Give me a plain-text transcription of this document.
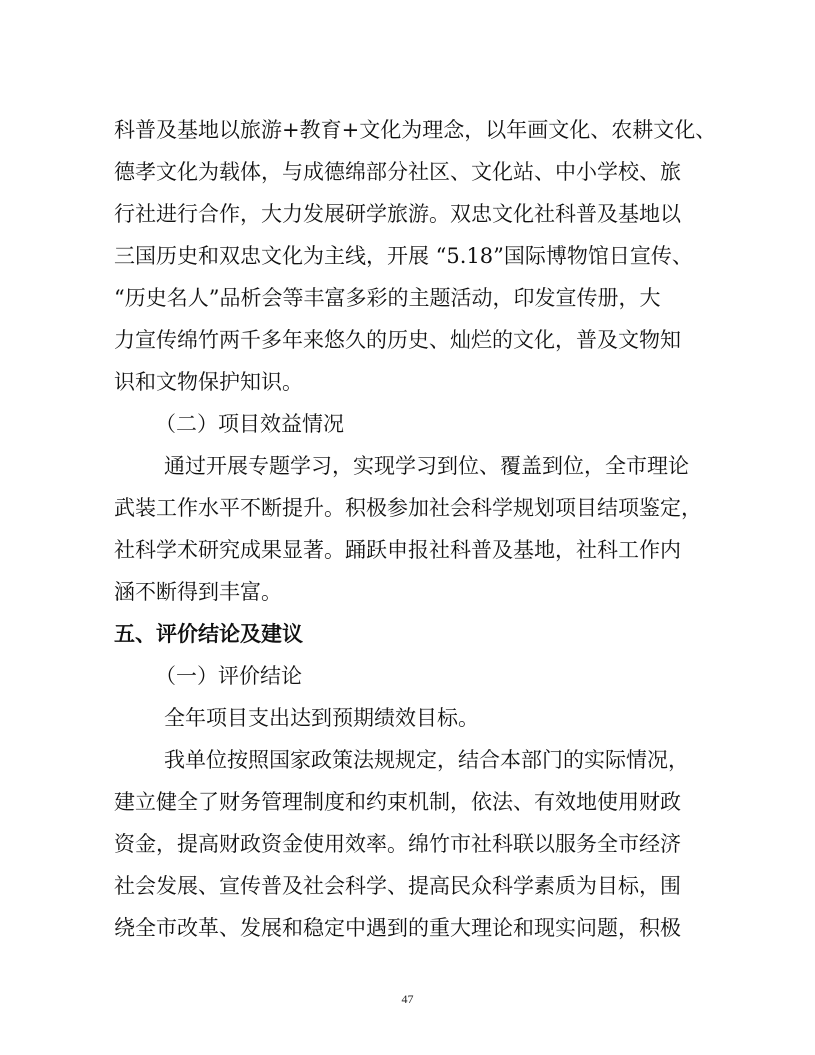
科普及基地以旅游+教育+文化为理念，以年画文化、农耕文化、
德孝文化为载体，与成德绵部分社区、文化站、中小学校、旅
行社进行合作，大力发展研学旅游。双忠文化社科普及基地以
三国历史和双忠文化为主线，开展 “5.18”国际博物馆日宣传、
“历史名人”品析会等丰富多彩的主题活动，印发宣传册，大
力宣传绵竹两千多年来悠久的历史、灿烂的文化，普及文物知
识和文物保护知识。
（二）项目效益情况
通过开展专题学习，实现学习到位、覆盖到位，全市理论
武装工作水平不断提升。积极参加社会科学规划项目结项鉴定，
社科学术研究成果显著。踊跃申报社科普及基地，社科工作内
涵不断得到丰富。
五、评价结论及建议
（一）评价结论
全年项目支出达到预期绩效目标。
我单位按照国家政策法规规定，结合本部门的实际情况，
建立健全了财务管理制度和约束机制，依法、有效地使用财政
资金，提高财政资金使用效率。绵竹市社科联以服务全市经济
社会发展、宣传普及社会科学、提高民众科学素质为目标，围
绕全市改革、发展和稳定中遇到的重大理论和现实问题，积极
47
